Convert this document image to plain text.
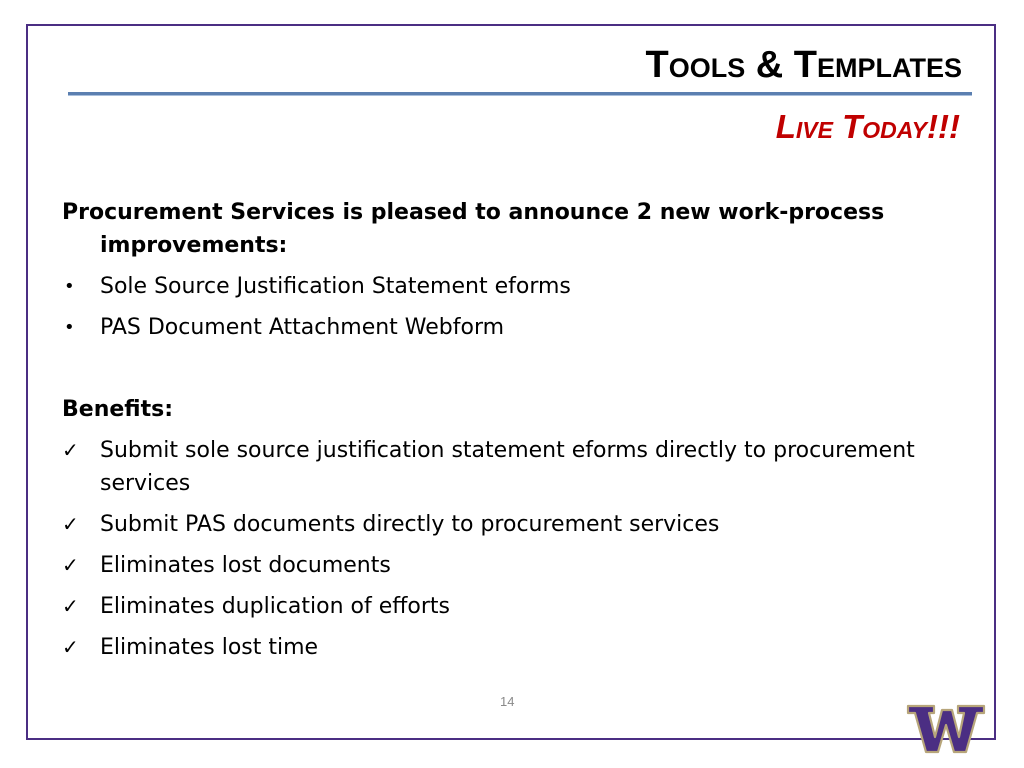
Tools & Templates
Live Today!!!

Procurement Services is pleased to announce 2 new work-process improvements:

•	Sole Source Justification Statement eforms
•	PAS Document Attachment Webform

Benefits:

✓ Submit sole source justification statement eforms directly to procurement services
✓ Submit PAS documents directly to procurement services
✓ Eliminates lost documents
✓ Eliminates duplication of efforts
✓ Eliminates lost time
14
